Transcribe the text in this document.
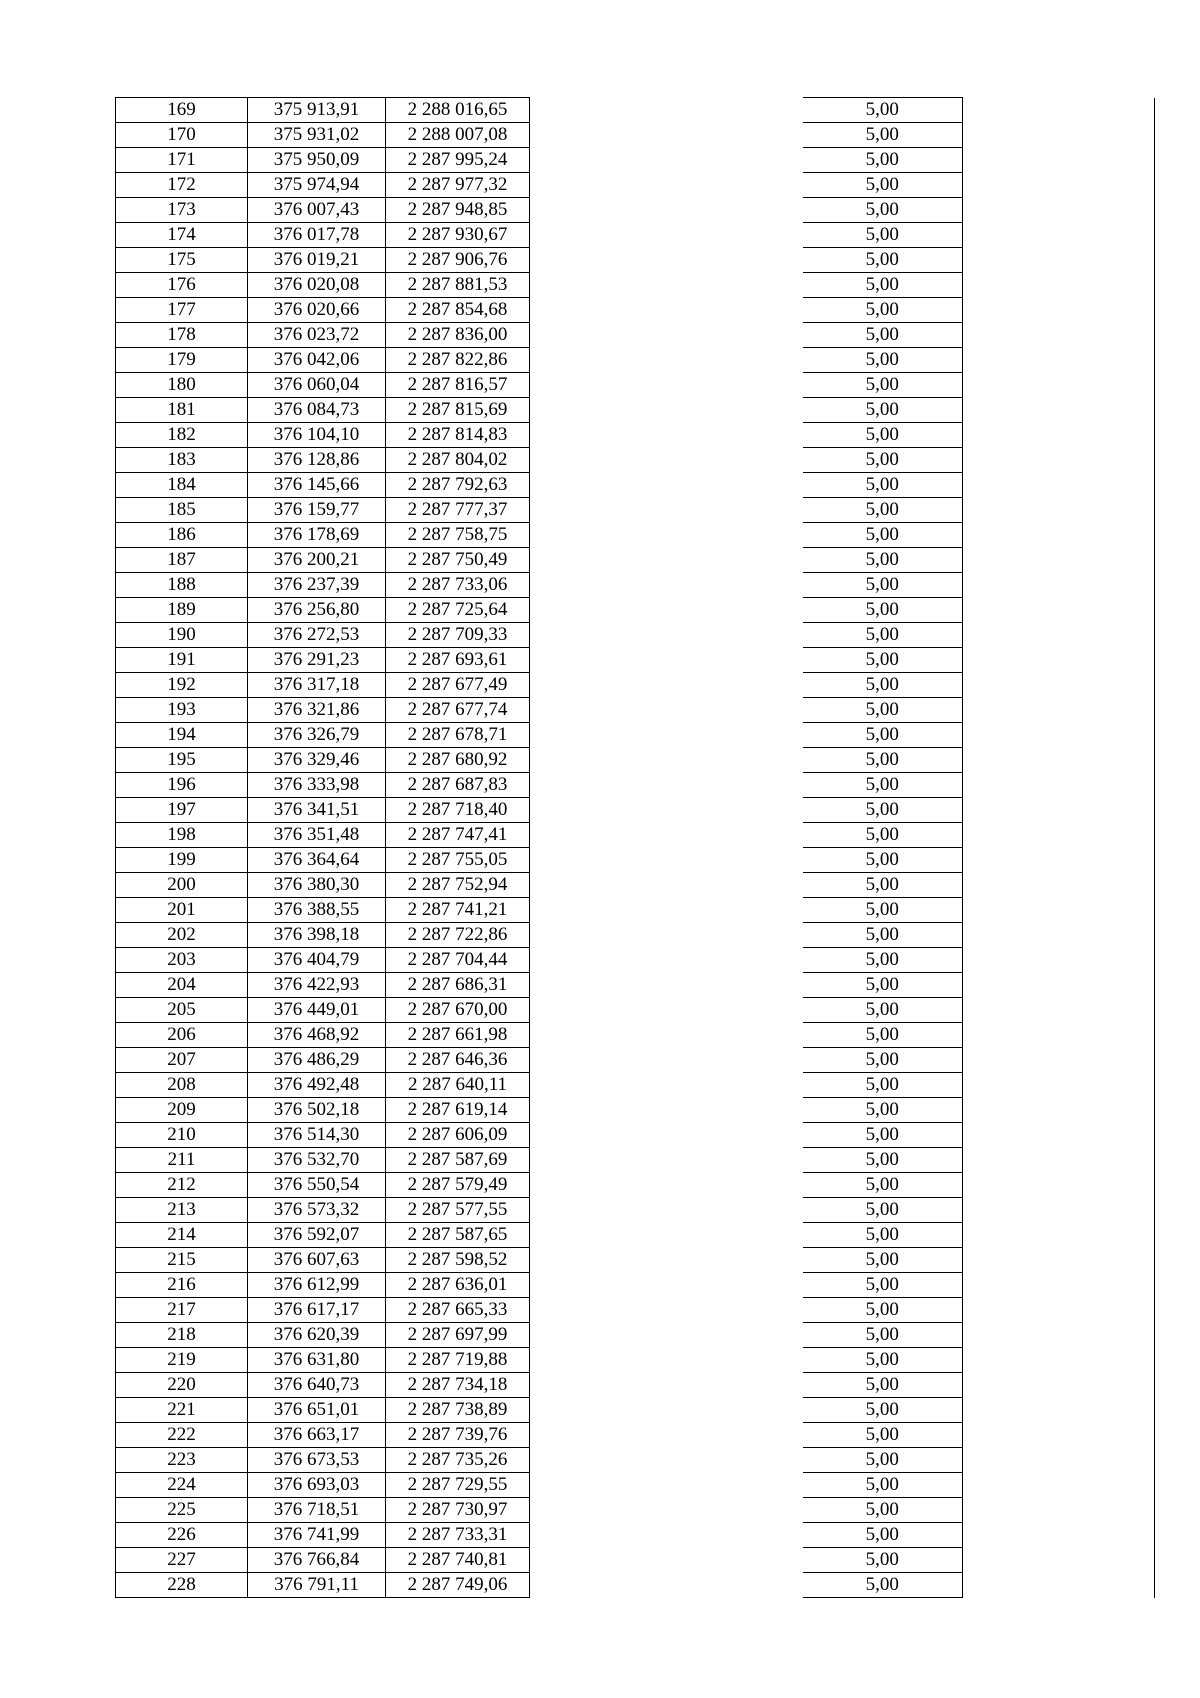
169	375 913,91	2 288 016,65		5,00	
170	375 931,02	2 288 007,08		5,00	
171	375 950,09	2 287 995,24		5,00	
172	375 974,94	2 287 977,32		5,00	
173	376 007,43	2 287 948,85		5,00	
174	376 017,78	2 287 930,67		5,00	
175	376 019,21	2 287 906,76		5,00	
176	376 020,08	2 287 881,53		5,00	
177	376 020,66	2 287 854,68		5,00	
178	376 023,72	2 287 836,00		5,00	
179	376 042,06	2 287 822,86		5,00	
180	376 060,04	2 287 816,57		5,00	
181	376 084,73	2 287 815,69		5,00	
182	376 104,10	2 287 814,83		5,00	
183	376 128,86	2 287 804,02		5,00	
184	376 145,66	2 287 792,63		5,00	
185	376 159,77	2 287 777,37		5,00	
186	376 178,69	2 287 758,75		5,00	
187	376 200,21	2 287 750,49		5,00	
188	376 237,39	2 287 733,06		5,00	
189	376 256,80	2 287 725,64		5,00	
190	376 272,53	2 287 709,33		5,00	
191	376 291,23	2 287 693,61		5,00	
192	376 317,18	2 287 677,49		5,00	
193	376 321,86	2 287 677,74		5,00	
194	376 326,79	2 287 678,71		5,00	
195	376 329,46	2 287 680,92		5,00	
196	376 333,98	2 287 687,83		5,00	
197	376 341,51	2 287 718,40		5,00	
198	376 351,48	2 287 747,41		5,00	
199	376 364,64	2 287 755,05		5,00	
200	376 380,30	2 287 752,94		5,00	
201	376 388,55	2 287 741,21		5,00	
202	376 398,18	2 287 722,86		5,00	
203	376 404,79	2 287 704,44		5,00	
204	376 422,93	2 287 686,31		5,00	
205	376 449,01	2 287 670,00		5,00	
206	376 468,92	2 287 661,98		5,00	
207	376 486,29	2 287 646,36		5,00	
208	376 492,48	2 287 640,11		5,00	
209	376 502,18	2 287 619,14		5,00	
210	376 514,30	2 287 606,09		5,00	
211	376 532,70	2 287 587,69		5,00	
212	376 550,54	2 287 579,49		5,00	
213	376 573,32	2 287 577,55		5,00	
214	376 592,07	2 287 587,65		5,00	
215	376 607,63	2 287 598,52		5,00	
216	376 612,99	2 287 636,01		5,00	
217	376 617,17	2 287 665,33		5,00	
218	376 620,39	2 287 697,99		5,00	
219	376 631,80	2 287 719,88		5,00	
220	376 640,73	2 287 734,18		5,00	
221	376 651,01	2 287 738,89		5,00	
222	376 663,17	2 287 739,76		5,00	
223	376 673,53	2 287 735,26		5,00	
224	376 693,03	2 287 729,55		5,00	
225	376 718,51	2 287 730,97		5,00	
226	376 741,99	2 287 733,31		5,00	
227	376 766,84	2 287 740,81		5,00	
228	376 791,11	2 287 749,06		5,00	
